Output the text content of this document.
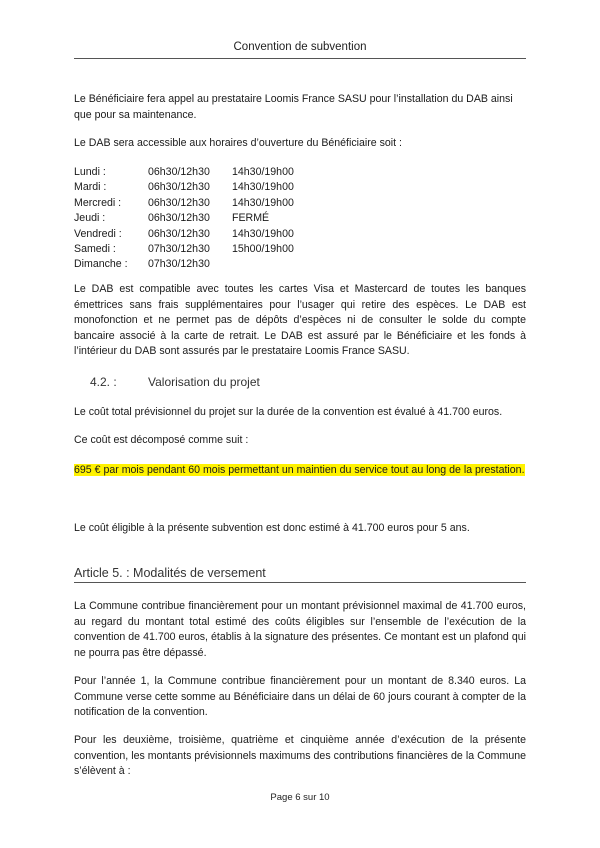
Convention de subvention

Le Bénéficiaire fera appel au prestataire Loomis France SASU pour l’installation du DAB ainsi que pour sa maintenance.

Le DAB sera accessible aux horaires d’ouverture du Bénéficiaire soit :

Lundi :	06h30/12h30 14h30/19h00
Mardi :	06h30/12h30 14h30/19h00
Mercredi :	06h30/12h30 14h30/19h00
Jeudi :	06h30/12h30 FERMÉ
Vendredi : 06h30/12h30 14h30/19h00
Samedi :	07h30/12h30 15h00/19h00
Dimanche : 07h30/12h30

Le DAB est compatible avec toutes les cartes Visa et Mastercard de toutes les banques émettrices sans frais supplémentaires pour l’usager qui retire des espèces. Le DAB est monofonction et ne permet pas de dépôts d’espèces ni de consulter le solde du compte bancaire associé à la carte de retrait. Le DAB est assuré par le Bénéficiaire et les fonds à l’intérieur du DAB sont assurés par le prestataire Loomis France SASU.

4.2. :	Valorisation du projet

Le coût total prévisionnel du projet sur la durée de la convention est évalué à 41.700 euros.

Ce coût est décomposé comme suit :

695 € par mois pendant 60 mois permettant un maintien du service tout au long de la prestation.

Le coût éligible à la présente subvention est donc estimé à 41.700 euros pour 5 ans.

Article 5. : Modalités de versement

La Commune contribue financièrement pour un montant prévisionnel maximal de 41.700 euros, au regard du montant total estimé des coûts éligibles sur l’ensemble de l’exécution de la convention de 41.700 euros, établis à la signature des présentes. Ce montant est un plafond qui ne pourra pas être dépassé.

Pour l’année 1, la Commune contribue financièrement pour un montant de 8.340 euros. La Commune verse cette somme au Bénéficiaire dans un délai de 60 jours courant à compter de la notification de la convention.

Pour les deuxième, troisième, quatrième et cinquième année d’exécution de la présente convention, les montants prévisionnels maximums des contributions financières de la Commune s’élèvent à :

Page 6 sur 10
